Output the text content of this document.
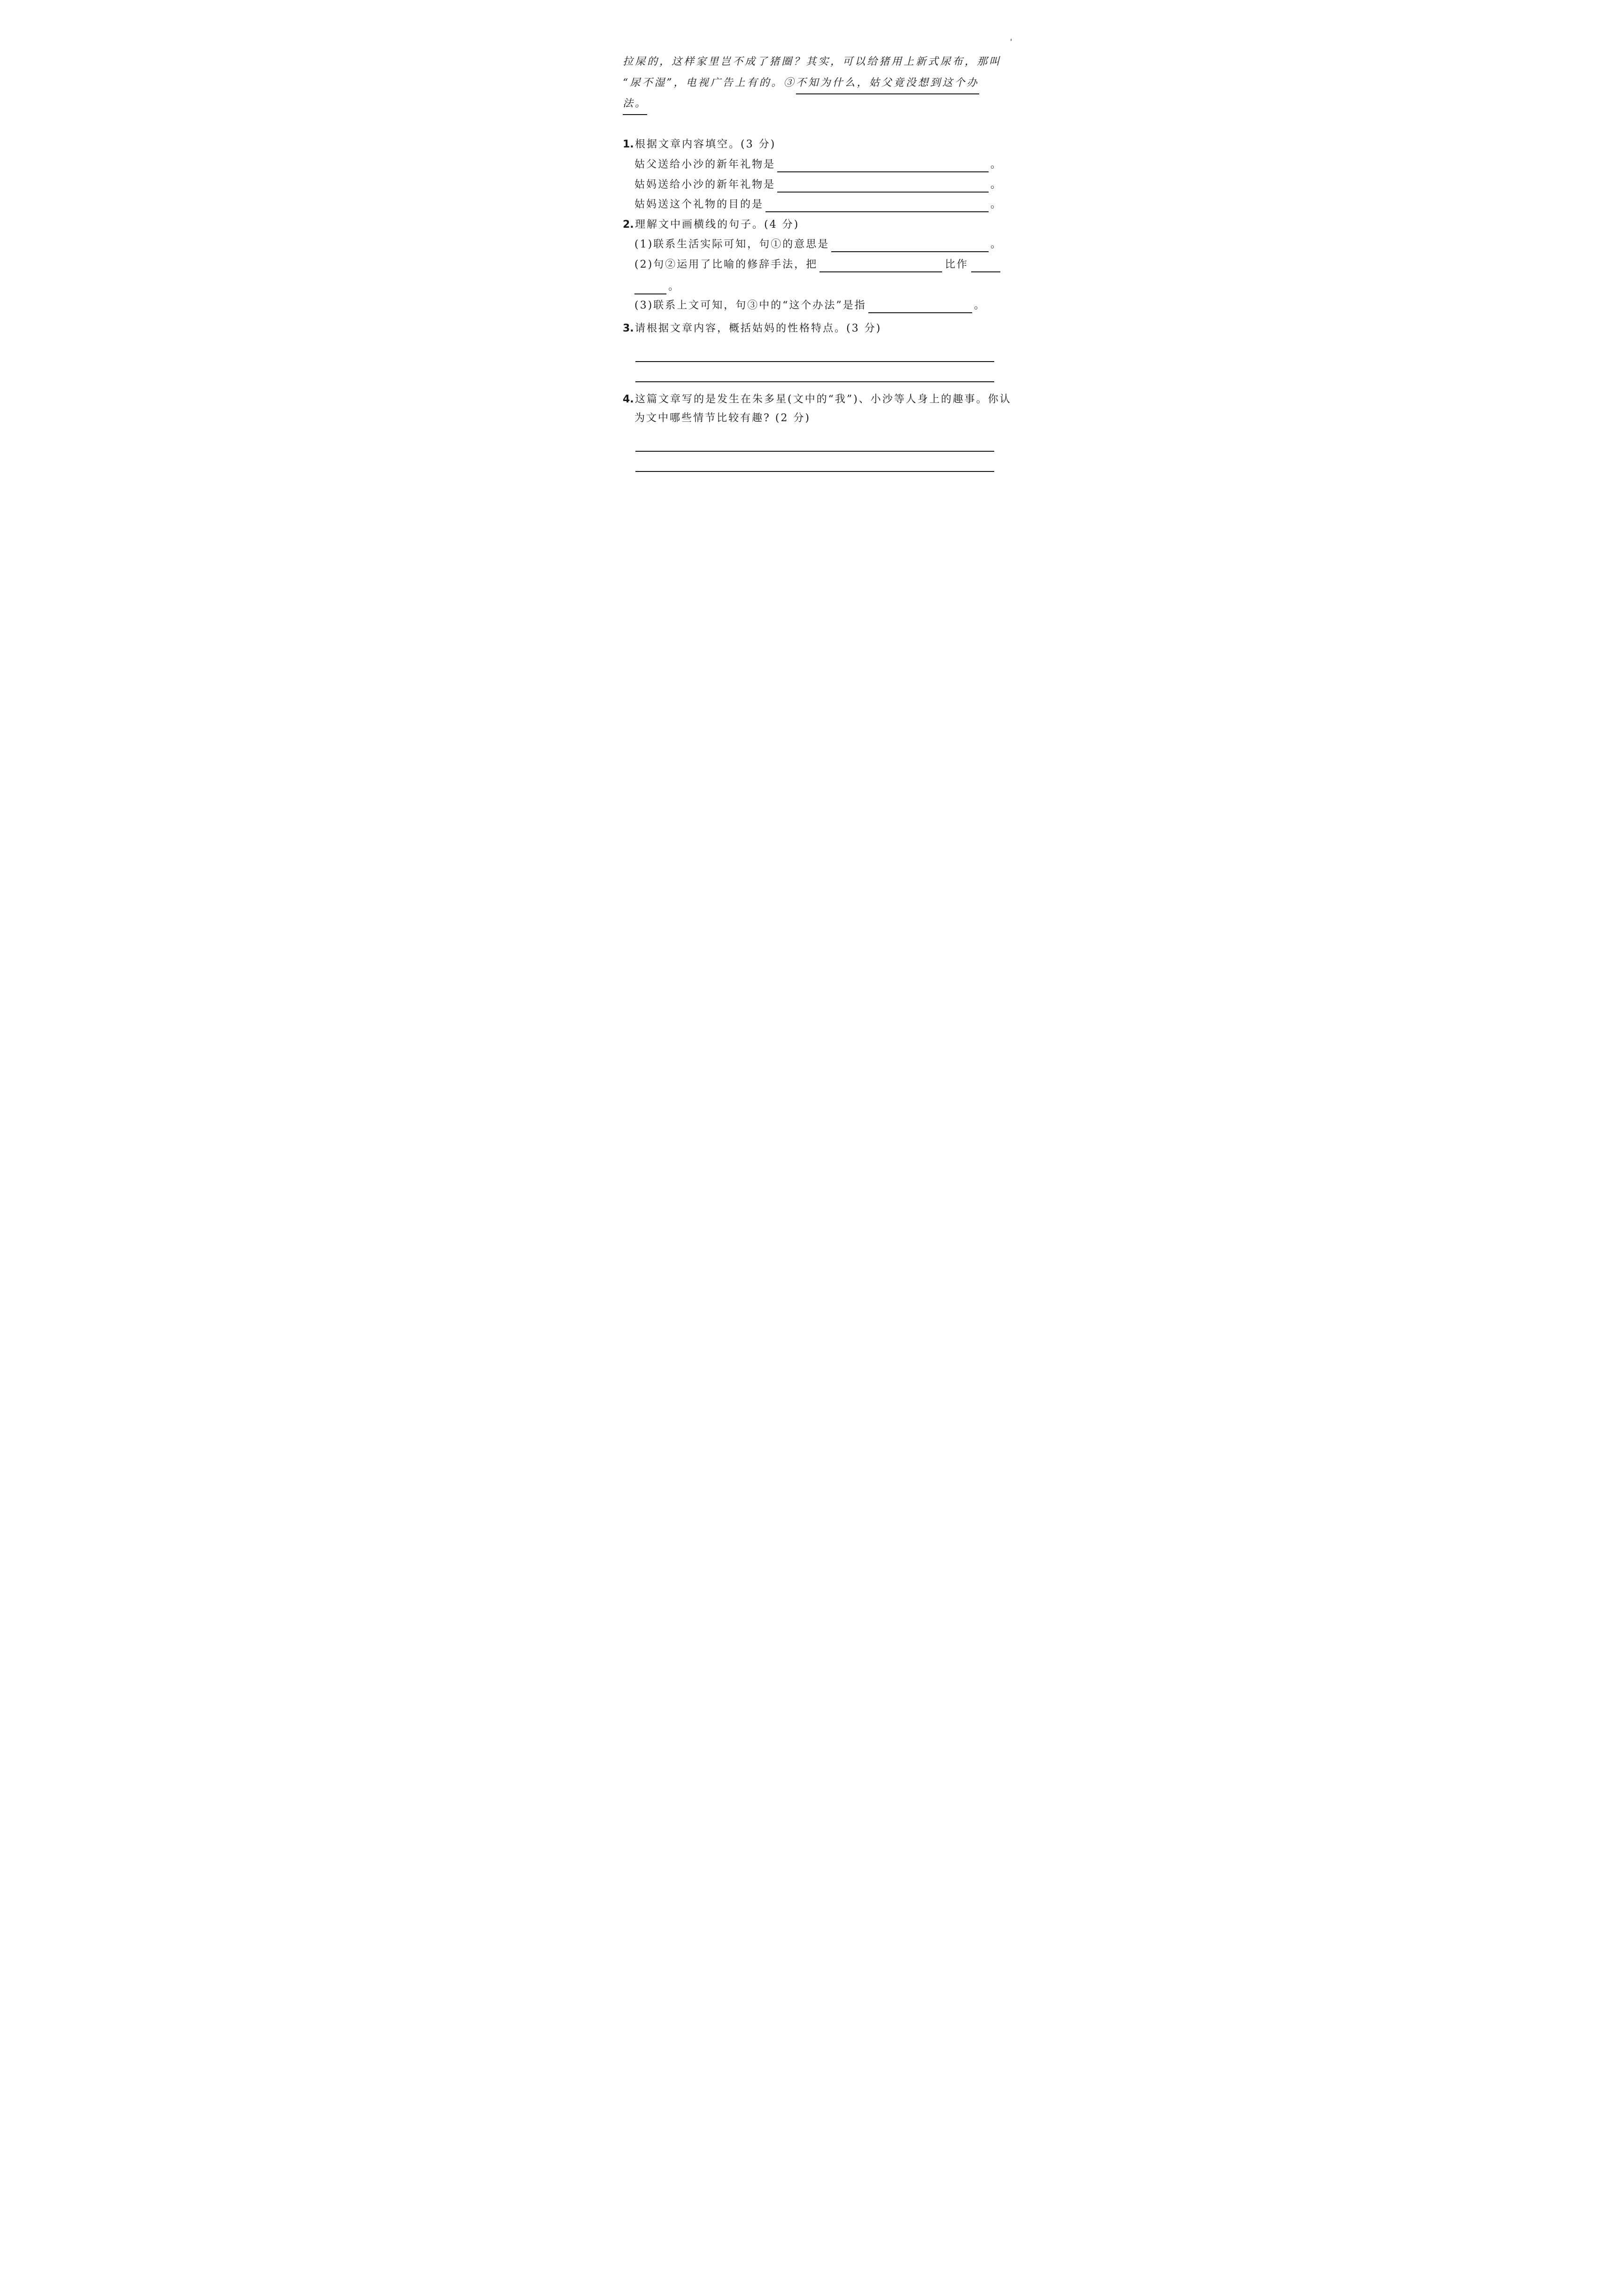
'
拉屎的，这样家里岂不成了猪圈？其实，可以给猪用上新式尿布，那叫
“尿不湿”，电视广告上有的。③ 不知为什么，姑父竟没想到这个办
法。
1. 根据文章内容填空。(3 分)
姑父送给小沙的新年礼物是	。
姑妈送给小沙的新年礼物是	。
姑妈送这个礼物的目的是	。
2. 理解文中画横线的句子。(4 分)
(1)联系生活实际可知，句①的意思是	。
(2)句②运用了比喻的修辞手法，把	比作
。
(3)联系上文可知，句③中的“这个办法”是指	。
3. 请根据文章内容，概括姑妈的性格特点。(3 分)
4. 这篇文章写的是发生在朱多星(文中的“我”)、小沙等人身上的趣事。你认
为文中哪些情节比较有趣? (2 分)
